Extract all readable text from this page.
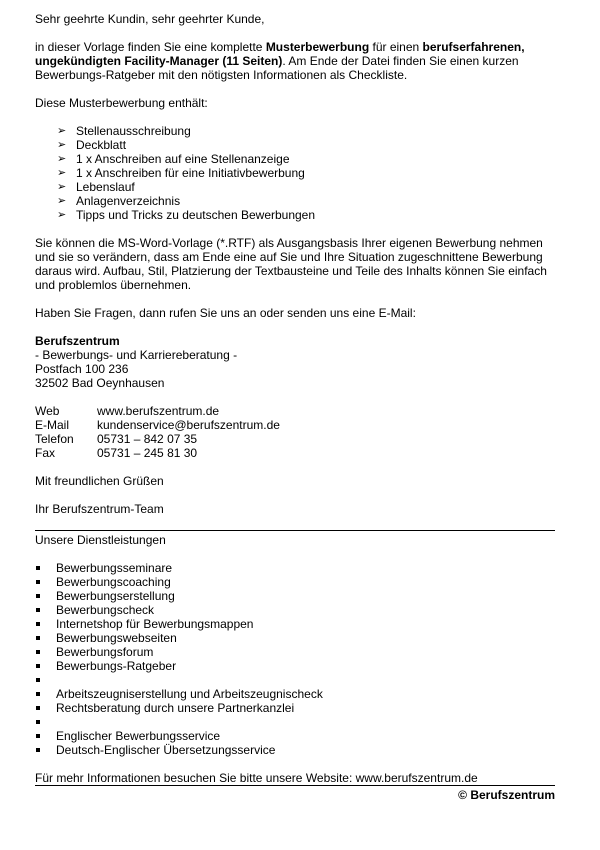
Sehr geehrte Kundin, sehr geehrter Kunde,

in dieser Vorlage finden Sie eine komplette Musterbewerbung für einen berufserfahrenen, ungekündigten Facility-Manager (11 Seiten). Am Ende der Datei finden Sie einen kurzen Bewerbungs-Ratgeber mit den nötigsten Informationen als Checkliste.

Diese Musterbewerbung enthält:

➢ Stellenausschreibung
➢ Deckblatt
➢ 1 x Anschreiben auf eine Stellenanzeige
➢ 1 x Anschreiben für eine Initiativbewerbung
➢ Lebenslauf
➢ Anlagenverzeichnis
➢ Tipps und Tricks zu deutschen Bewerbungen

Sie können die MS-Word-Vorlage (*.RTF) als Ausgangsbasis Ihrer eigenen Bewerbung nehmen und sie so verändern, dass am Ende eine auf Sie und Ihre Situation zugeschnittene Bewerbung daraus wird. Aufbau, Stil, Platzierung der Textbausteine und Teile des Inhalts können Sie einfach und problemlos übernehmen.

Haben Sie Fragen, dann rufen Sie uns an oder senden uns eine E-Mail:

Berufszentrum

- Bewerbungs- und Karriereberatung -

Postfach 100 236

32502 Bad Oeynhausen

Web	www.berufszentrum.de
E-Mail	kundenservice@berufszentrum.de
Telefon	05731 – 842 07 35
Fax	05731 – 245 81 30

Mit freundlichen Grüßen

Ihr Berufszentrum-Team

Unsere Dienstleistungen

Bewerbungsseminare
Bewerbungscoaching
Bewerbungserstellung
Bewerbungscheck
Internetshop für Bewerbungsmappen
Bewerbungswebseiten
Bewerbungsforum
Bewerbungs-Ratgeber
Arbeitszeugniserstellung und Arbeitszeugnischeck
Rechtsberatung durch unsere Partnerkanzlei
Englischer Bewerbungsservice
Deutsch-Englischer Übersetzungsservice

Für mehr Informationen besuchen Sie bitte unsere Website: www.berufszentrum.de

© Berufszentrum
